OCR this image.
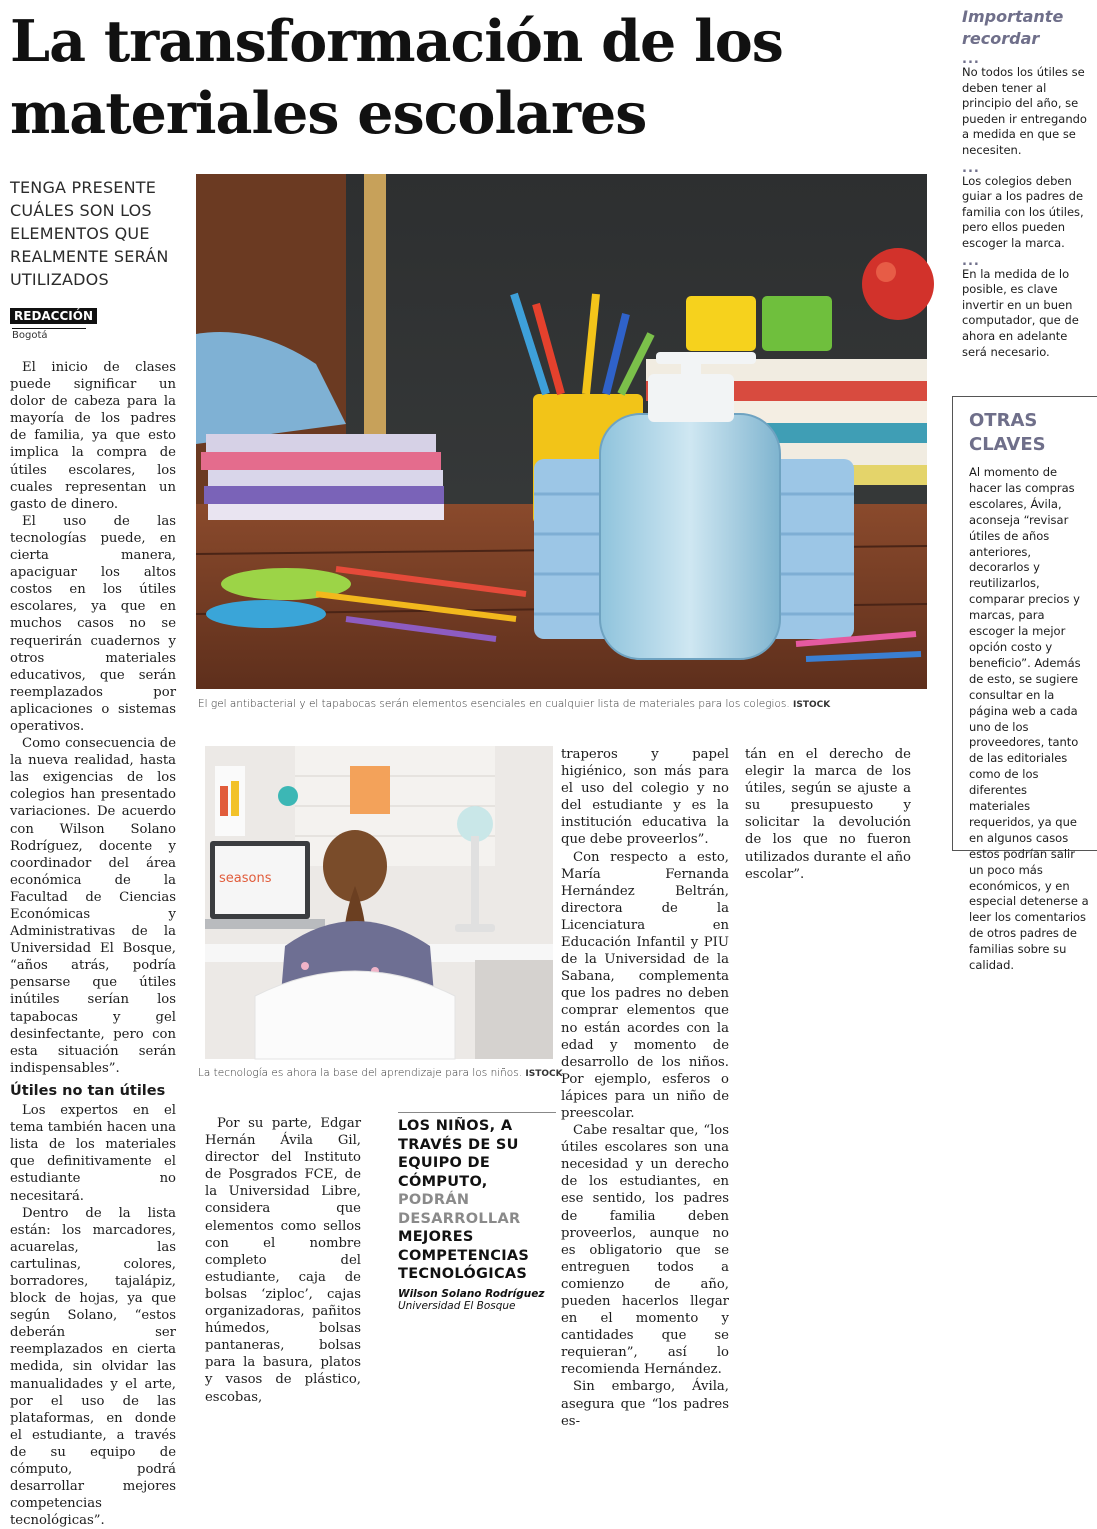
La transformación de los materiales escolares
TENGA PRESENTE CUÁLES SON LOS ELEMENTOS QUE REALMENTE SERÁN UTILIZADOS
REDACCIÓN
Bogotá

El inicio de clases puede significar un dolor de cabeza para la mayoría de los padres de familia, ya que esto implica la compra de útiles escolares, los cuales representan un gasto de dinero.

El uso de las tecnologías puede, en cierta manera, apaciguar los altos costos en los útiles escolares, ya que en muchos casos no se requerirán cuadernos y otros materiales educativos, que serán reemplazados por aplicaciones o sistemas operativos.

Como consecuencia de la nueva realidad, hasta las exigencias de los colegios han presentado variaciones. De acuerdo con Wilson Solano Rodríguez, docente y coordinador del área económica de la Facultad de Ciencias Económicas y Administrativas de la Universidad El Bosque, “años atrás, podría pensarse que útiles inútiles serían los tapabocas y gel desinfectante, pero con esta situación serán indispensables”.

Útiles no tan útiles

Los expertos en el tema también hacen una lista de los materiales que definitivamente el estudiante no necesitará.

Dentro de la lista están: los marcadores, acuarelas, las cartulinas, colores, borradores, tajalápiz, block de hojas, ya que según Solano, “estos deberán ser reemplazados en cierta medida, sin olvidar las manualidades y el arte, por el uso de las plataformas, en donde el estudiante, a través de su equipo de cómputo, podrá desarrollar mejores competencias tecnológicas”.

El gel antibacterial y el tapabocas serán elementos esenciales en cualquier lista de materiales para los colegios. ISTOCK
seasons
La tecnología es ahora la base del aprendizaje para los niños. ISTOCK

Por su parte, Edgar Hernán Ávila Gil, director del Instituto de Posgrados FCE, de la Universidad Libre, considera que elementos como sellos con el nombre completo del estudiante, caja de bolsas ‘ziploc’, cajas organizadoras, pañitos húmedos, bolsas pantaneras, bolsas para la basura, platos y vasos de plástico, escobas,

LOS NIÑOS, A TRAVÉS DE SU EQUIPO DE CÓMPUTO,
PODRÁN DESARROLLAR
MEJORES COMPETENCIAS TECNOLÓGICAS
Wilson Solano Rodríguez
Universidad El Bosque

traperos y papel higiénico, son más para el uso del colegio y no del estudiante y es la institución educativa la que debe proveerlos”.

Con respecto a esto, María Fernanda Hernández Beltrán, directora de la Licenciatura en Educación Infantil y PIU de la Universidad de la Sabana, complementa que los padres no deben comprar elementos que no están acordes con la edad y momento de desarrollo de los niños. Por ejemplo, esferos o lápices para un niño de preescolar.

Cabe resaltar que, “los útiles escolares son una necesidad y un derecho de los estudiantes, en ese sentido, los padres de familia deben proveerlos, aunque no es obligatorio que se entreguen todos a comienzo de año, pueden hacerlos llegar en el momento y cantidades que se requieran”, así lo recomienda Hernández.

Sin embargo, Ávila, asegura que “los padres es-

tán en el derecho de elegir la marca de los útiles, según se ajuste a su presupuesto y solicitar la devolución de los que no fueron utilizados durante el año escolar”.

Importante recordar
...
No todos los útiles se deben tener al principio del año, se pueden ir entregando a medida en que se necesiten.
...
Los colegios deben guiar a los padres de familia con los útiles, pero ellos pueden escoger la marca.
...
En la medida de lo posible, es clave invertir en un buen computador, que de ahora en adelante será necesario.
OTRAS CLAVES
Al momento de hacer las compras escolares, Ávila, aconseja “revisar útiles de años anteriores, decorarlos y reutilizarlos, comparar precios y marcas, para escoger la mejor opción costo y beneficio”. Además de esto, se sugiere consultar en la página web a cada uno de los proveedores, tanto de las editoriales como de los diferentes materiales requeridos, ya que en algunos casos estos podrían salir un poco más económicos, y en especial detenerse a leer los comentarios de otros padres de familias sobre su calidad.
